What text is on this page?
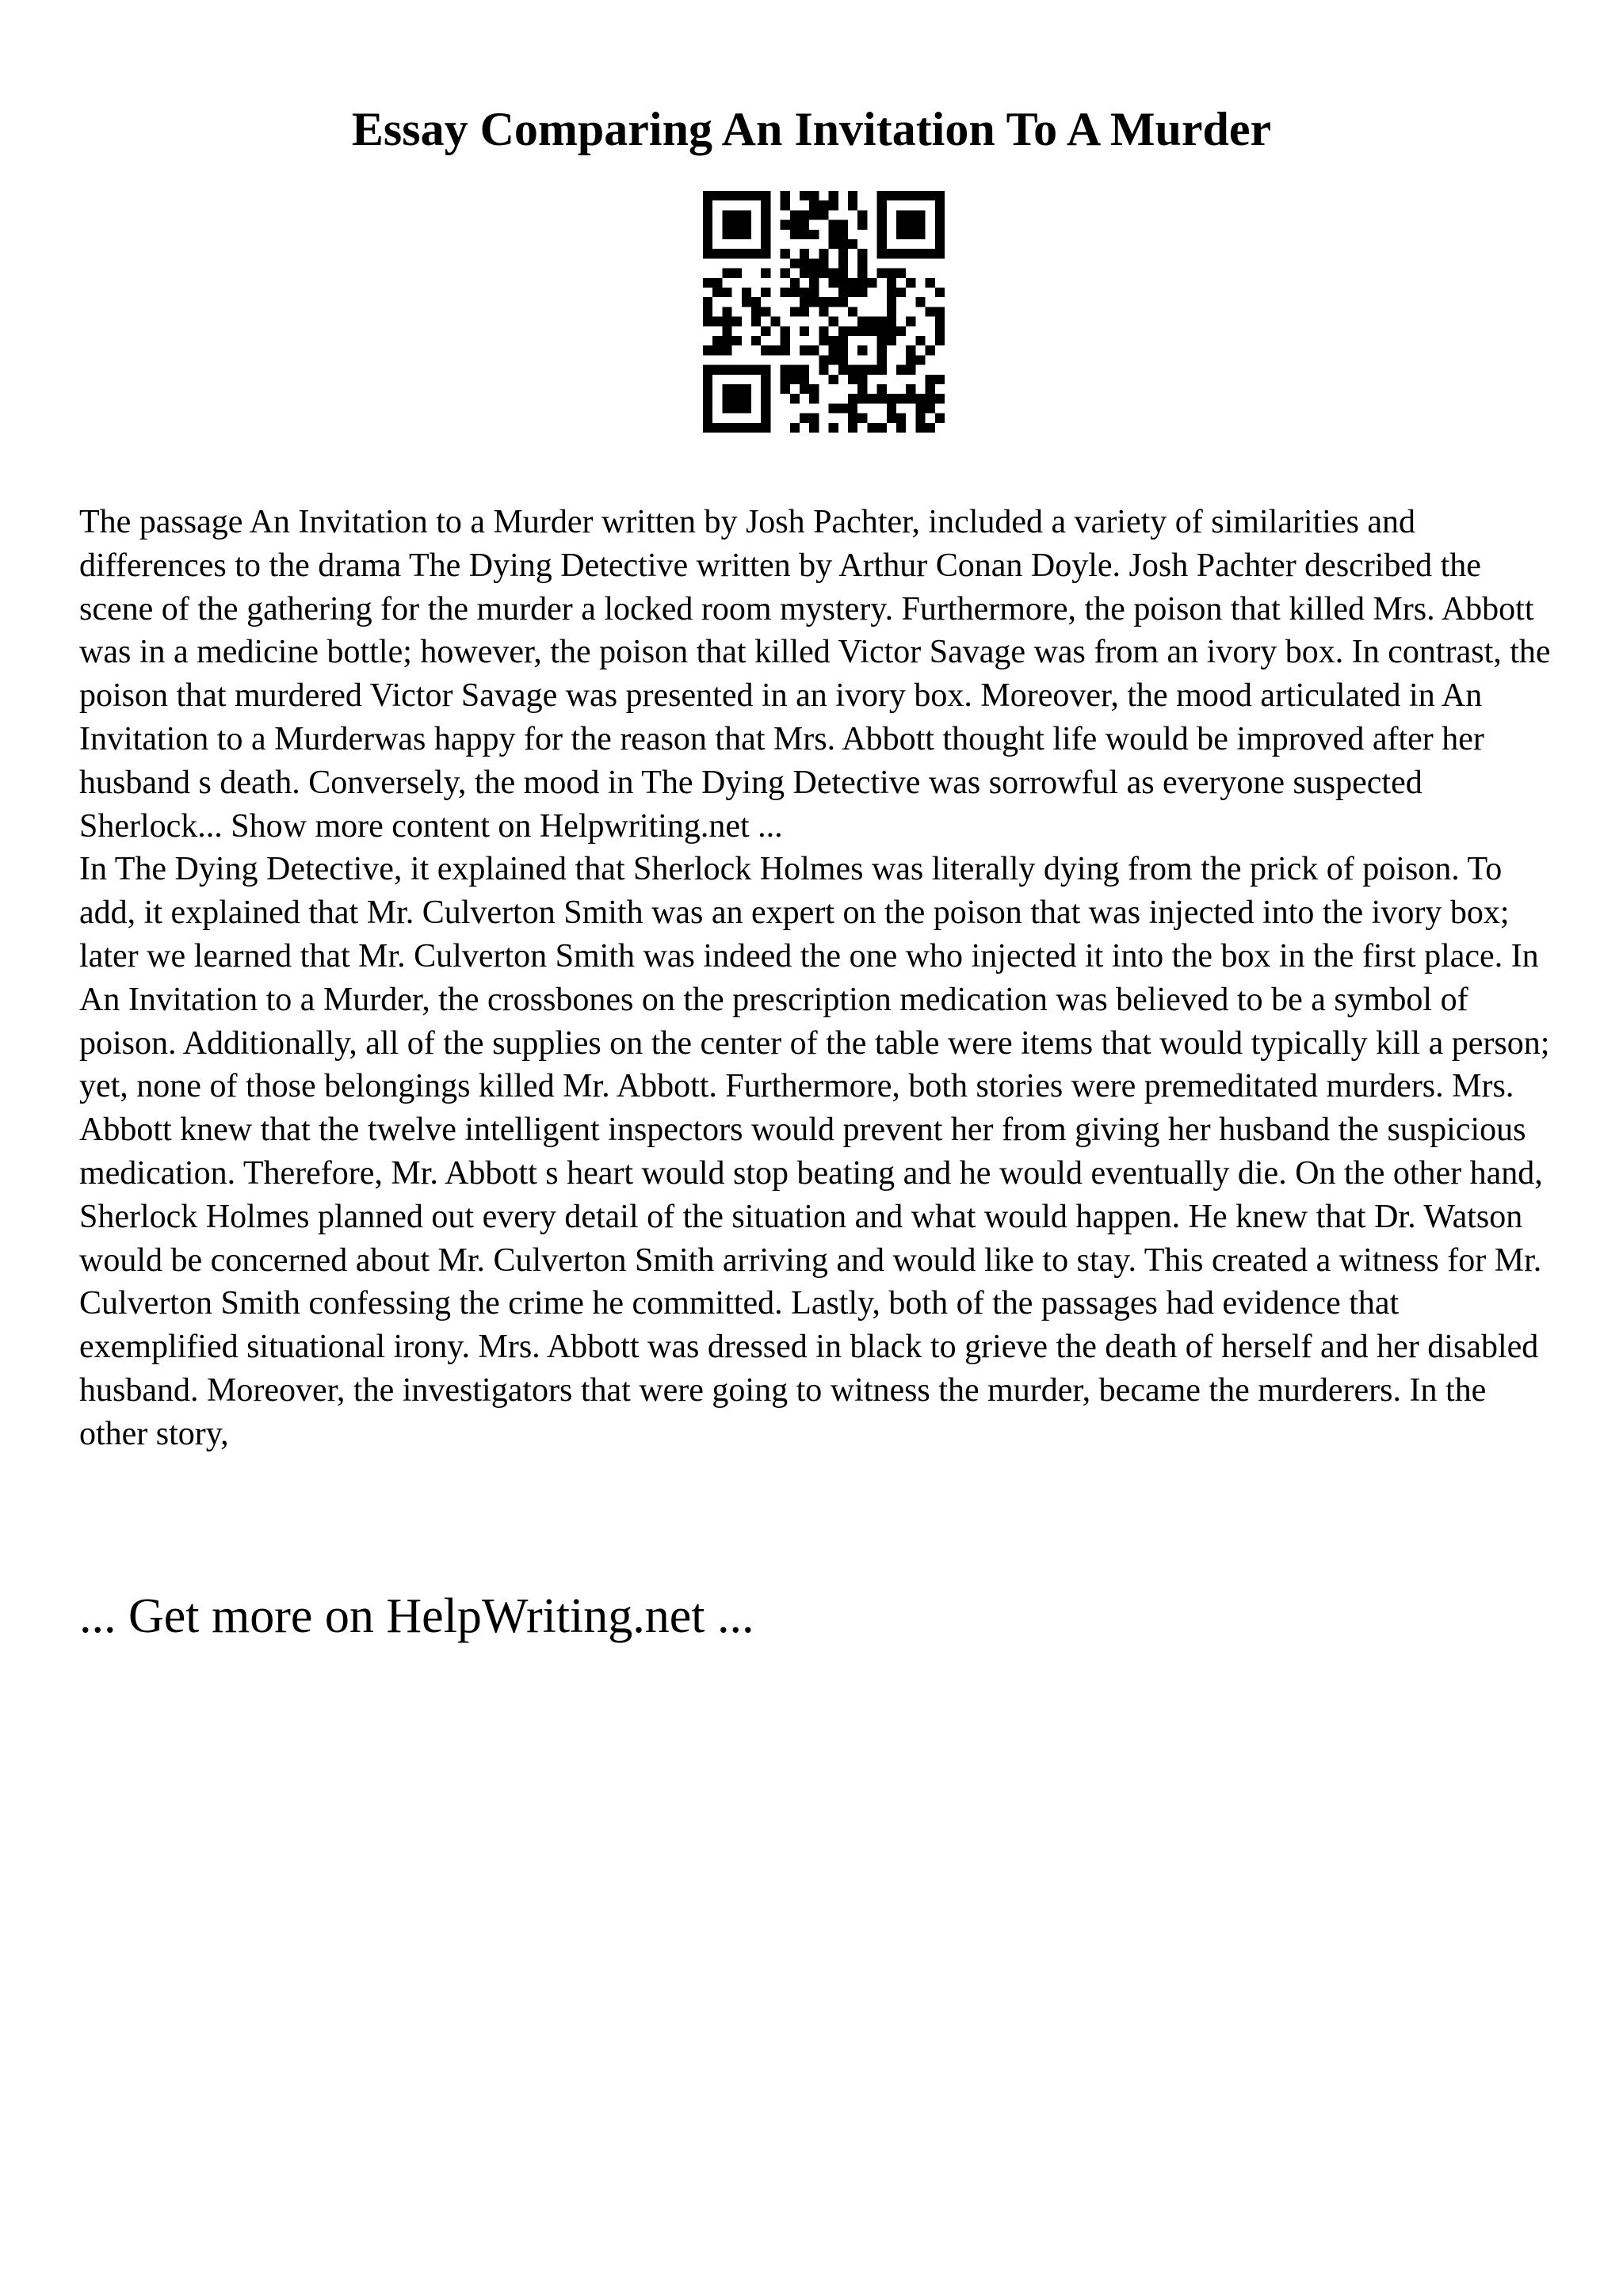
Essay Comparing An Invitation To A Murder

The passage An Invitation to a Murder written by Josh Pachter, included a variety of similarities and differences to the drama The Dying Detective written by Arthur Conan Doyle. Josh Pachter described the scene of the gathering for the murder a locked room mystery. Furthermore, the poison that killed Mrs. Abbott was in a medicine bottle; however, the poison that killed Victor Savage was from an ivory box. In contrast, the poison that murdered Victor Savage was presented in an ivory box. Moreover, the mood articulated in An Invitation to a Murderwas happy for the reason that Mrs. Abbott thought life would be improved after her husband s death. Conversely, the mood in The Dying Detective was sorrowful as everyone suspected Sherlock... Show more content on Helpwriting.net ...

In The Dying Detective, it explained that Sherlock Holmes was literally dying from the prick of poison. To add, it explained that Mr. Culverton Smith was an expert on the poison that was injected into the ivory box; later we learned that Mr. Culverton Smith was indeed the one who injected it into the box in the first place. In An Invitation to a Murder, the crossbones on the prescription medication was believed to be a symbol of poison. Additionally, all of the supplies on the center of the table were items that would typically kill a person; yet, none of those belongings killed Mr. Abbott. Furthermore, both stories were premeditated murders. Mrs. Abbott knew that the twelve intelligent inspectors would prevent her from giving her husband the suspicious medication. Therefore, Mr. Abbott s heart would stop beating and he would eventually die. On the other hand, Sherlock Holmes planned out every detail of the situation and what would happen. He knew that Dr. Watson would be concerned about Mr. Culverton Smith arriving and would like to stay. This created a witness for Mr. Culverton Smith confessing the crime he committed. Lastly, both of the passages had evidence that exemplified situational irony. Mrs. Abbott was dressed in black to grieve the death of herself and her disabled husband. Moreover, the investigators that were going to witness the murder, became the murderers. In the other story,

... Get more on HelpWriting.net ...
